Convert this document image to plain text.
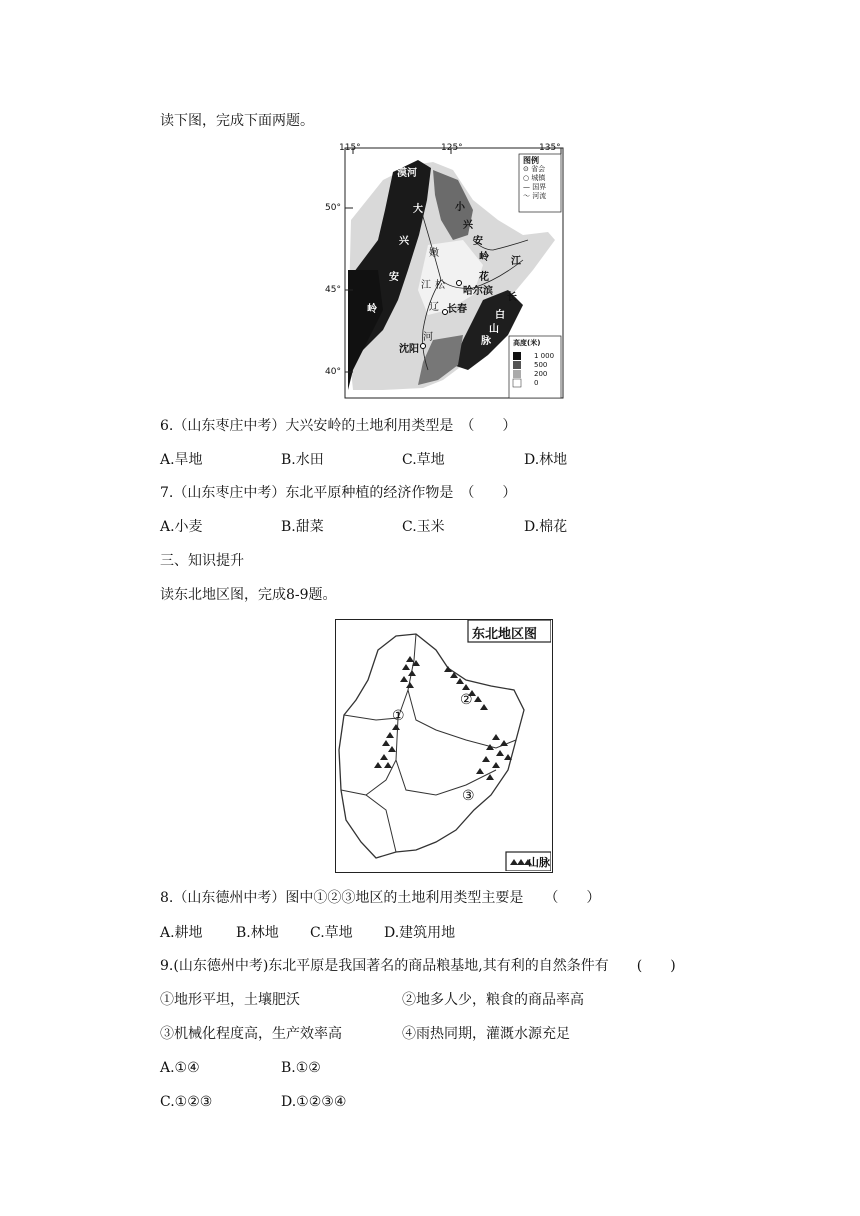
读下图，完成下面两题。
115°	125°	135°
50°
45°
40°
漠河
大
兴
安
岭
小
兴
安
岭
嫩
江
松
花
江
哈尔滨
长春
沈阳
辽
河
长
白
山
脉
图例
⊙ 省会
○ 城镇
— 国界
～ 河流
高度(米)
1 000
500
200
0
6.（山东枣庄中考）大兴安岭的土地利用类型是　（　　）
A.旱地	B.水田	C.草地	D.林地
7.（山东枣庄中考）东北平原种植的经济作物是　（　　）
A.小麦	B.甜菜	C.玉米	D.棉花
三、知识提升
读东北地区图，完成8-9题。
东北地区图
①
②
③
山脉
8.（山东德州中考）图中①②③地区的土地利用类型主要是　　（　　）
A.耕地 B.林地 C.草地 D.建筑用地
9.(山东德州中考)东北平原是我国著名的商品粮基地,其有利的自然条件有　　(　　)
①地形平坦，土壤肥沃	②地多人少，粮食的商品率高
③机械化程度高，生产效率高	④雨热同期，灌溉水源充足
A.①④	B.①②
C.①②③	D.①②③④
